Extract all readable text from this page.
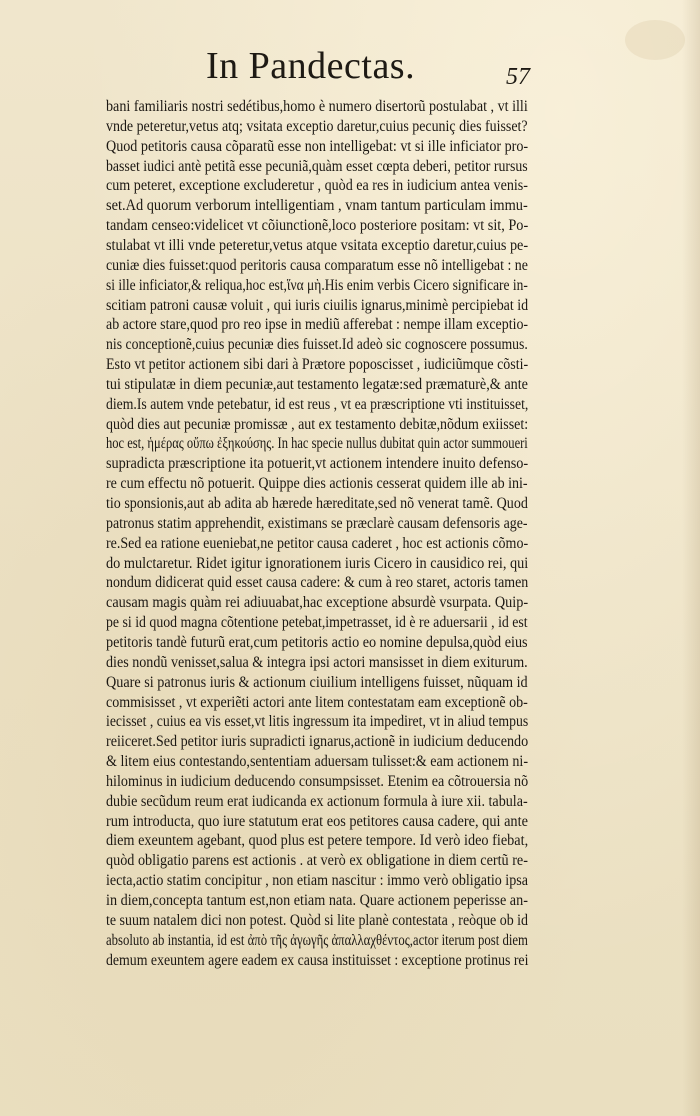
In Pandectas.	57
bani familiaris nostri sedétibus,homo è numero disertorũ postulabat , vt illi
vnde peteretur,vetus atq; vsitata exceptio daretur,cuius pecuniç dies fuisset?
Quod petitoris causa cõparatũ esse non intelligebat: vt si ille inficiator pro-
basset iudici antè petitã esse pecuniã,quàm esset cœpta deberi, petitor rursus
cum peteret, exceptione excluderetur , quòd ea res in iudicium antea venis-
set.Ad quorum verborum intelligentiam , vnam tantum particulam immu-
tandam censeo:videlicet vt cõiunctionẽ,loco posteriore positam: vt sit, Po-
stulabat vt illi vnde peteretur,vetus atque vsitata exceptio daretur,cuius pe-
cuniæ dies fuisset:quod peritoris causa comparatum esse nõ intelligebat : ne
si ille inficiator,& reliqua,hoc est,ἵνα μὴ.His enim verbis Cicero significare in-
scitiam patroni causæ voluit , qui iuris ciuilis ignarus,minimè percipiebat id
ab actore stare,quod pro reo ipse in mediũ afferebat : nempe illam exceptio-
nis conceptionẽ,cuius pecuniæ dies fuisset.Id adeò sic cognoscere possumus.
Esto vt petitor actionem sibi dari à Prætore poposcisset , iudiciũmque cõsti-
tui stipulatæ in diem pecuniæ,aut testamento legatæ:sed præmaturè,& ante
diem.Is autem vnde petebatur, id est reus , vt ea præscriptione vti instituisset,
quòd dies aut pecuniæ promissæ , aut ex testamento debitæ,nõdum exiisset:
hoc est, ἡμέρας οὔπω ἐξηκούσης. In hac specie nullus dubitat quin actor summoueri
supradicta præscriptione ita potuerit,vt actionem intendere inuito defenso-
re cum effectu nõ potuerit. Quippe dies actionis cesserat quidem ille ab ini-
tio sponsionis,aut ab adita ab hærede hæreditate,sed nõ venerat tamẽ. Quod
patronus statim apprehendit, existimans se præclarè causam defensoris age-
re.Sed ea ratione eueniebat,ne petitor causa caderet , hoc est actionis cõmo-
do mulctaretur. Ridet igitur ignorationem iuris Cicero in causidico rei, qui
nondum didicerat quid esset causa cadere: & cum à reo staret, actoris tamen
causam magis quàm rei adiuuabat,hac exceptione absurdè vsurpata. Quip-
pe si id quod magna cõtentione petebat,impetrasset, id è re aduersarii , id est
petitoris tandè futurũ erat,cum petitoris actio eo nomine depulsa,quòd eius
dies nondũ venisset,salua & integra ipsi actori mansisset in diem exiturum.
Quare si patronus iuris & actionum ciuilium intelligens fuisset, nũquam id
commisisset , vt experiẽti actori ante litem contestatam eam exceptionẽ ob-
iecisset , cuius ea vis esset,vt litis ingressum ita impediret, vt in aliud tempus
reiiceret.Sed petitor iuris supradicti ignarus,actionẽ in iudicium deducendo
& litem eius contestando,sententiam aduersam tulisset:& eam actionem ni-
hilominus in iudicium deducendo consumpsisset. Etenim ea cõtrouersia nõ
dubie secũdum reum erat iudicanda ex actionum formula à iure xii. tabula-
rum introducta, quo iure statutum erat eos petitores causa cadere, qui ante
diem exeuntem agebant, quod plus est petere tempore. Id verò ideo fiebat,
quòd obligatio parens est actionis . at verò ex obligatione in diem certũ re-
iecta,actio statim concipitur , non etiam nascitur : immo verò obligatio ipsa
in diem,concepta tantum est,non etiam nata. Quare actionem peperisse an-
te suum natalem dici non potest. Quòd si lite planè contestata , reòque ob id
absoluto ab instantia, id est ἀπὸ τῆς ἀγωγῆς ἀπαλλαχθέντος,actor iterum post diem
demum exeuntem agere eadem ex causa instituisset : exceptione protinus rei
